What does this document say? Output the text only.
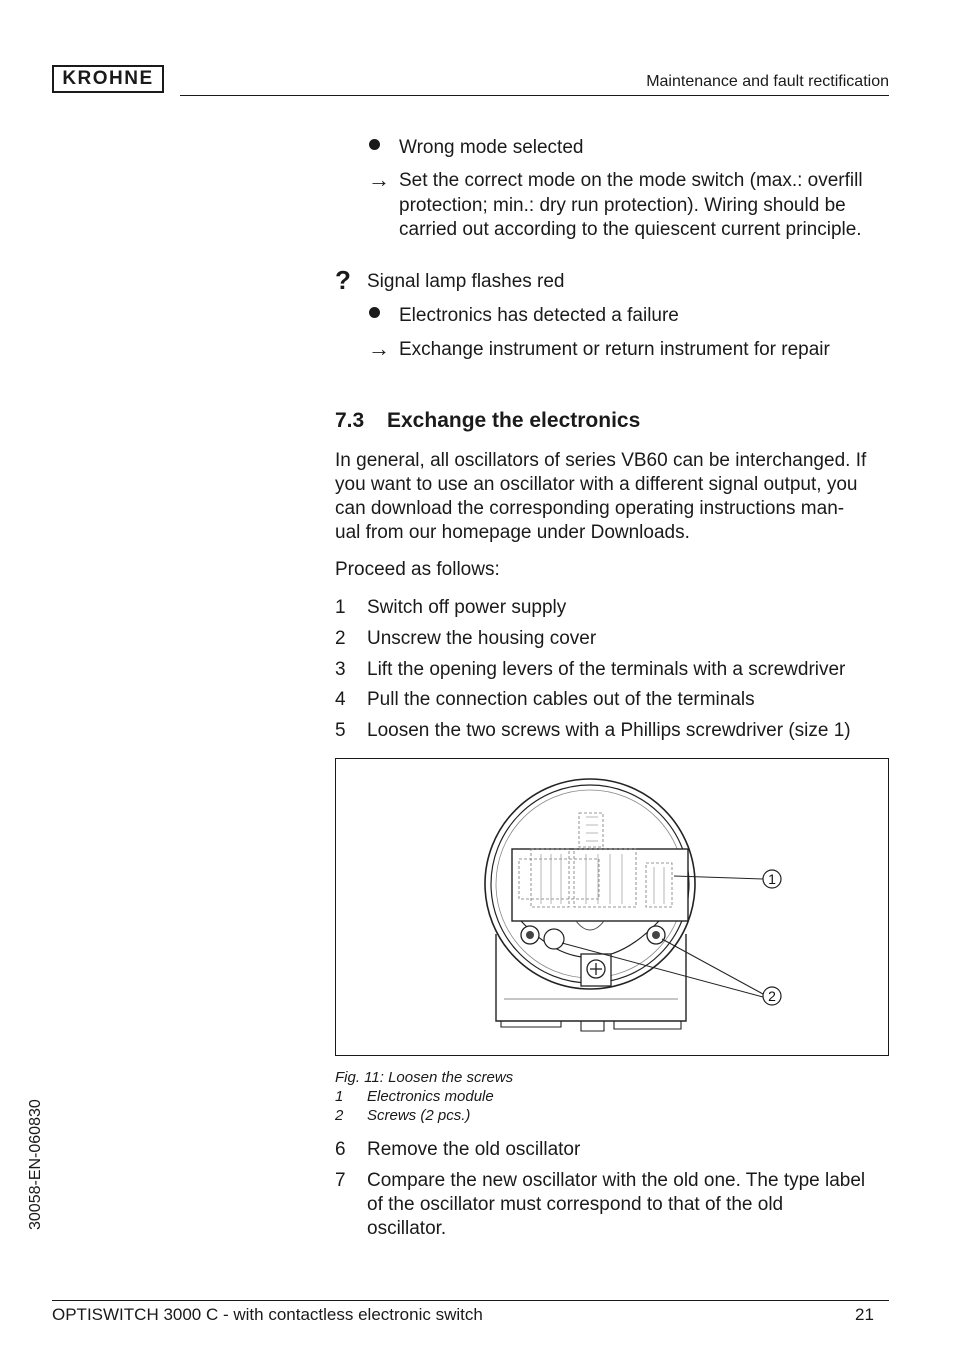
KROHNE	Maintenance and fault rectification
Wrong mode selected
→ Set the correct mode on the mode switch (max.: overfill
protection; min.: dry run protection). Wiring should be
carried out according to the quiescent current principle.
? Signal lamp flashes red
Electronics has detected a failure
→ Exchange instrument or return instrument for repair
7.3 Exchange the electronics
In general, all oscillators of series VB60 can be interchanged. If
you want to use an oscillator with a different signal output, you
can download the corresponding operating instructions man-
ual from our homepage under Downloads.
Proceed as follows:
1	Switch off power supply
2	Unscrew the housing cover
3	Lift the opening levers of the terminals with a screwdriver
4	Pull the connection cables out of the terminals
5	Loosen the two screws with a Phillips screwdriver (size 1)
1
2
Fig. 11: Loosen the screws
1 Electronics module
2 Screws (2 pcs.)
6	Remove the old oscillator
7	Compare the new oscillator with the old one. The type label
of the oscillator must correspond to that of the old
oscillator.
30058-EN-060830
OPTISWITCH 3000 C - with contactless electronic switch	21
